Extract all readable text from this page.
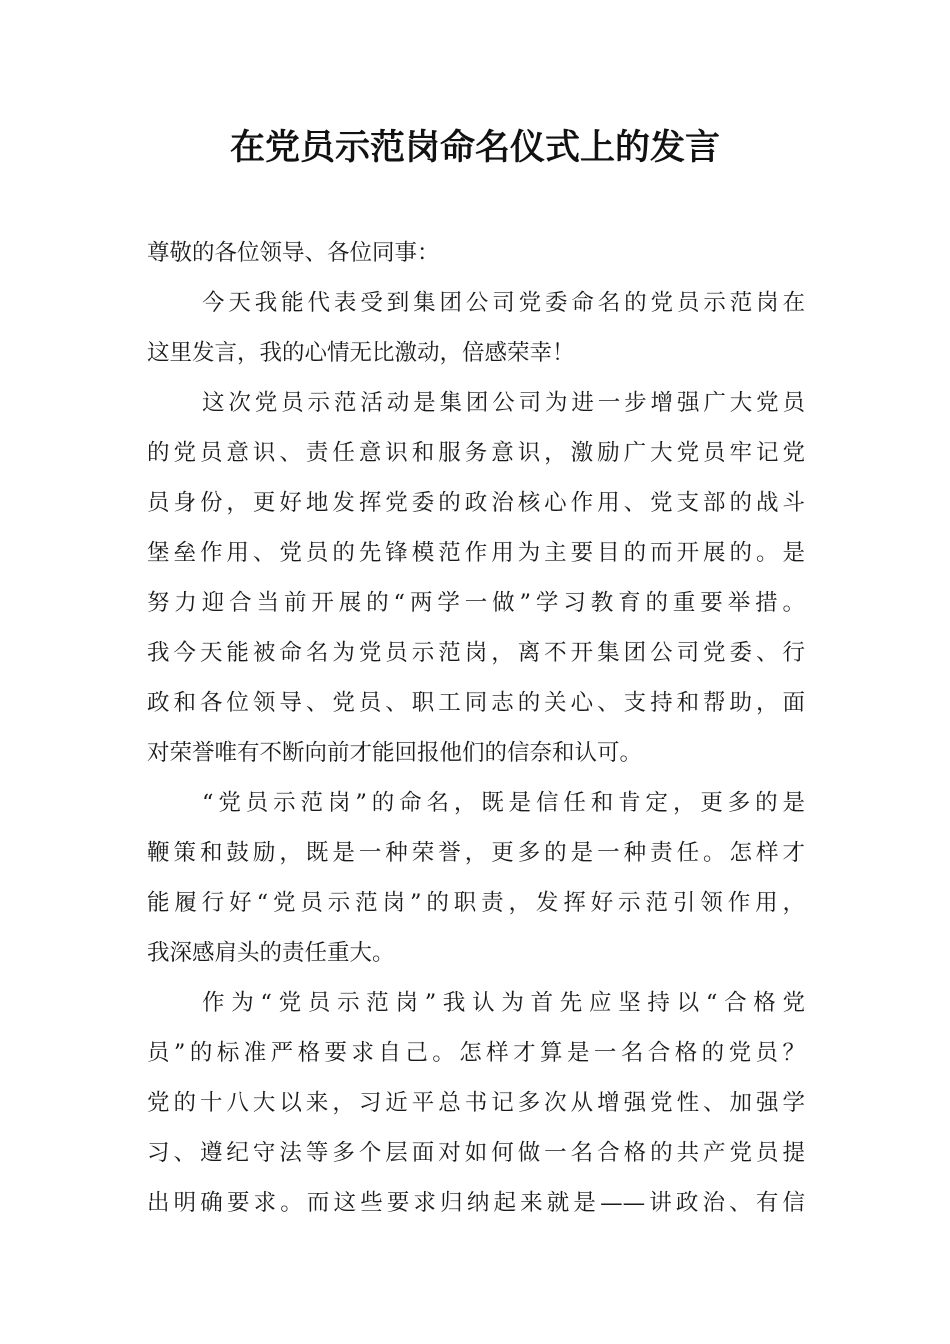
在党员示范岗命名仪式上的发言
尊敬的各位领导、各位同事：
今天我能代表受到集团公司党委命名的党员示范岗在
这里发言，我的心情无比激动，倍感荣幸！
这次党员示范活动是集团公司为进一步增强广大党员
的党员意识、责任意识和服务意识，激励广大党员牢记党
员身份，更好地发挥党委的政治核心作用、党支部的战斗
堡垒作用、党员的先锋模范作用为主要目的而开展的。是
努力迎合当前开展的“两学一做”学习教育的重要举措。
我今天能被命名为党员示范岗，离不开集团公司党委、行
政和各位领导、党员、职工同志的关心、支持和帮助，面
对荣誉唯有不断向前才能回报他们的信奈和认可。
“党员示范岗”的命名，既是信任和肯定，更多的是
鞭策和鼓励，既是一种荣誉，更多的是一种责任。怎样才
能履行好“党员示范岗”的职责，发挥好示范引领作用，
我深感肩头的责任重大。
作为“党员示范岗”我认为首先应坚持以“合格党
员”的标准严格要求自己。怎样才算是一名合格的党员？
党的十八大以来，习近平总书记多次从增强党性、加强学
习、遵纪守法等多个层面对如何做一名合格的共产党员提
出明确要求。而这些要求归纳起来就是——讲政治、有信
